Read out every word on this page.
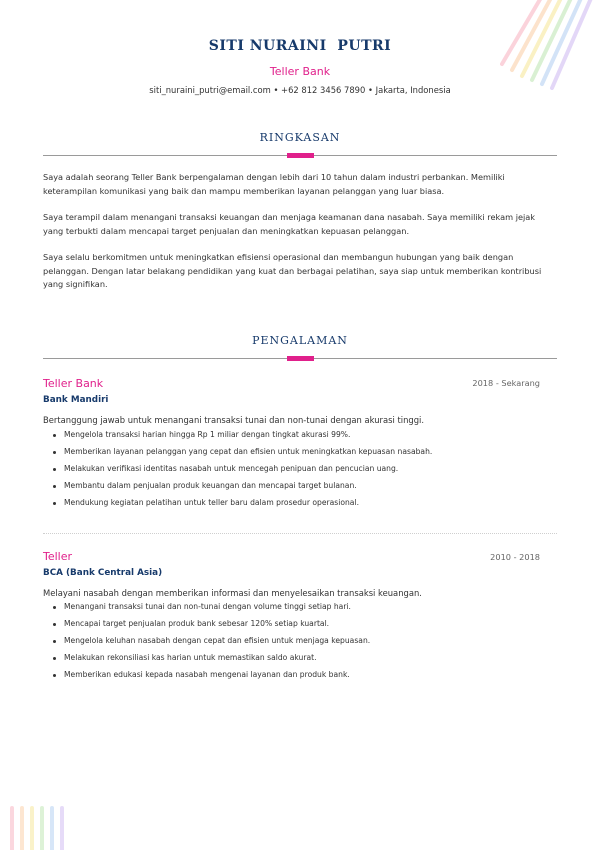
SITI NURAINI  PUTRI
Teller Bank
siti_nuraini_putri@email.com • +62 812 3456 7890 • Jakarta, Indonesia
RINGKASAN

Saya adalah seorang Teller Bank berpengalaman dengan lebih dari 10 tahun dalam industri perbankan. Memiliki keterampilan komunikasi yang baik dan mampu memberikan layanan pelanggan yang luar biasa.

Saya terampil dalam menangani transaksi keuangan dan menjaga keamanan dana nasabah. Saya memiliki rekam jejak yang terbukti dalam mencapai target penjualan dan meningkatkan kepuasan pelanggan.

Saya selalu berkomitmen untuk meningkatkan efisiensi operasional dan membangun hubungan yang baik dengan pelanggan. Dengan latar belakang pendidikan yang kuat dan berbagai pelatihan, saya siap untuk memberikan kontribusi yang signifikan.

PENGALAMAN
Teller Bank	2018 - Sekarang
Bank Mandiri
Bertanggung jawab untuk menangani transaksi tunai dan non-tunai dengan akurasi tinggi.
Mengelola transaksi harian hingga Rp 1 miliar dengan tingkat akurasi 99%.
Memberikan layanan pelanggan yang cepat dan efisien untuk meningkatkan kepuasan nasabah.
Melakukan verifikasi identitas nasabah untuk mencegah penipuan dan pencucian uang.
Membantu dalam penjualan produk keuangan dan mencapai target bulanan.
Mendukung kegiatan pelatihan untuk teller baru dalam prosedur operasional.
Teller	2010 - 2018
BCA (Bank Central Asia)
Melayani nasabah dengan memberikan informasi dan menyelesaikan transaksi keuangan.
Menangani transaksi tunai dan non-tunai dengan volume tinggi setiap hari.
Mencapai target penjualan produk bank sebesar 120% setiap kuartal.
Mengelola keluhan nasabah dengan cepat dan efisien untuk menjaga kepuasan.
Melakukan rekonsiliasi kas harian untuk memastikan saldo akurat.
Memberikan edukasi kepada nasabah mengenai layanan dan produk bank.
